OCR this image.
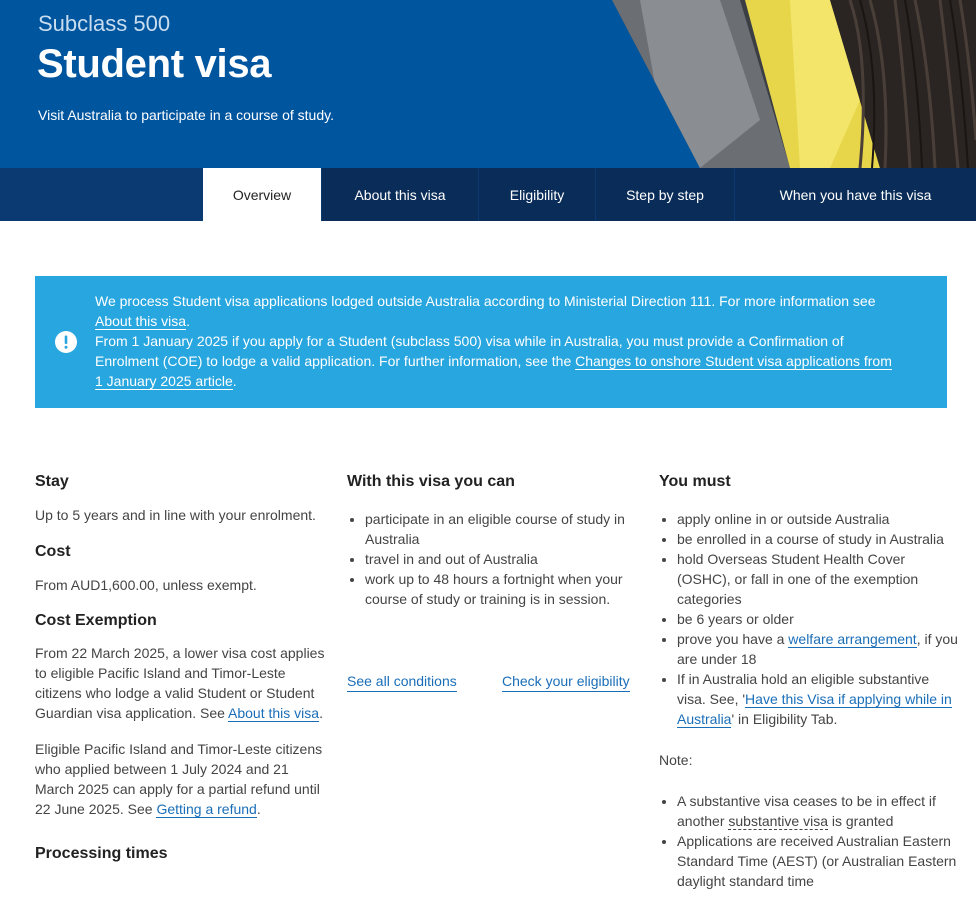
Subclass 500
Student visa

Visit Australia to participate in a course of study.

Overview	About this visa	Eligibility	Step by step	When you have this visa

We process Student visa applications lodged outside Australia according to Ministerial Direction 111. For more information see About this visa.

From 1 January 2025 if you apply for a Student (subclass 500) visa while in Australia, you must provide a Confirmation of Enrolment (COE) to lodge a valid application. For further information, see the Changes to onshore Student visa applications from 1 January 2025 article.

Stay

Up to 5 years and in line with your enrolment.

Cost

From AUD1,600.00, unless exempt.

Cost Exemption

From 22 March 2025, a lower visa cost applies to eligible Pacific Island and Timor-Leste citizens who lodge a valid Student or Student Guardian visa application. See About this visa.

Eligible Pacific Island and Timor-Leste citizens who applied between 1 July 2024 and 21 March 2025 can apply for a partial refund until 22 June 2025. See Getting a refund.

Processing times
With this visa you can
• participate in an eligible course of study in Australia
• travel in and out of Australia
• work up to 48 hours a fortnight when your course of study or training is in session.
See all conditions	Check your eligibility
You must
• apply online in or outside Australia
• be enrolled in a course of study in Australia
• hold Overseas Student Health Cover (OSHC), or fall in one of the exemption categories
• be 6 years or older
• prove you have a welfare arrangement, if you are under 18
• If in Australia hold an eligible substantive visa. See, 'Have this Visa if applying while in Australia' in Eligibility Tab.

Note:

• A substantive visa ceases to be in effect if another substantive visa is granted
• Applications are received Australian Eastern Standard Time (AEST) (or Australian Eastern daylight standard time
